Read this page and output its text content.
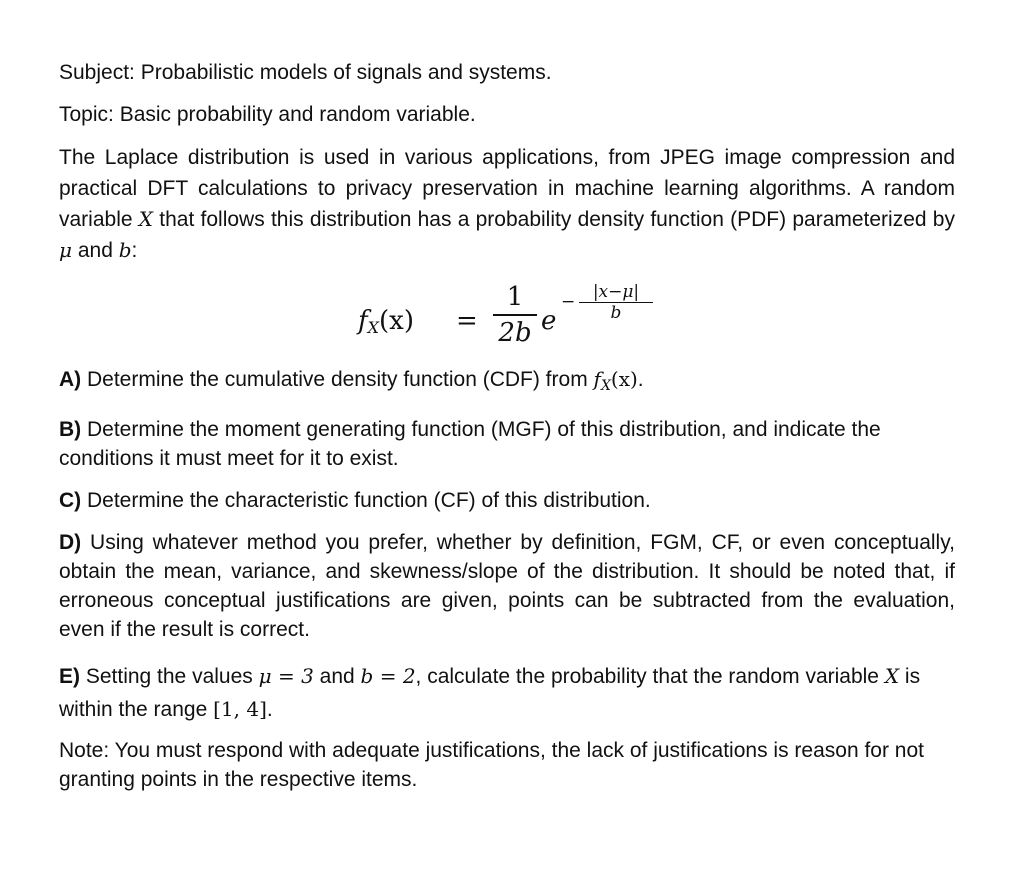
Subject: Probabilistic models of signals and systems.

Topic: Basic probability and random variable.

The Laplace distribution is used in various applications, from JPEG image compression and practical DFT calculations to privacy preservation in machine learning algorithms. A random variable X that follows this distribution has a probability density function (PDF) parameterized by μ and b:

$f_X(x)$ =
1
2b e
−	|x−μ|
b

A) Determine the cumulative density function (CDF) from $f_X(x)$.

B) Determine the moment generating function (MGF) of this distribution, and indicate the conditions it must meet for it to exist.

C) Determine the characteristic function (CF) of this distribution.

D) Using whatever method you prefer, whether by definition, FGM, CF, or even conceptually, obtain the mean, variance, and skewness/slope of the distribution. It should be noted that, if erroneous conceptual justifications are given, points can be subtracted from the evaluation, even if the result is correct.

E) Setting the values μ = 3 and b = 2, calculate the probability that the random variable X is within the range [1, 4].

Note: You must respond with adequate justifications, the lack of justifications is reason for not granting points in the respective items.
